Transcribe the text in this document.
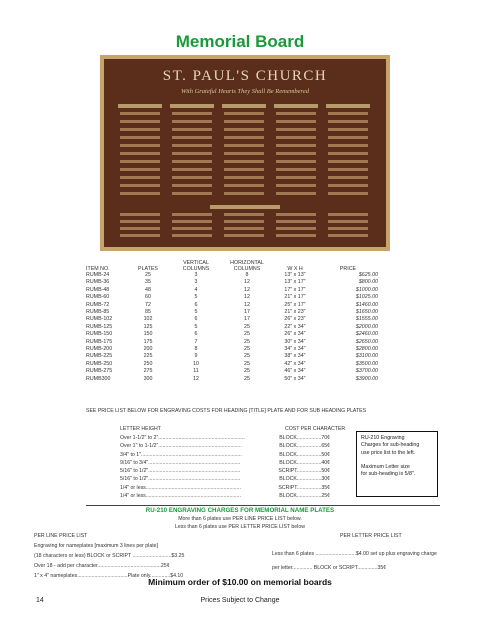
Memorial Board
ST. PAUL'S CHURCH
With Grateful Hearts They Shall Be Remembered
ITEM NO.	PLATES	VERTICAL
COLUMNS	HORIZONTAL
COLUMNS	W X H	PRICE
RUMB-24	25	3	8	13" x 13"	$625.00
RUMB-36	35	3	12	13" x 17"	$800.00
RUMB-48	48	4	12	17" x 17"	$1000.00
RUMB-60	60	5	12	21" x 17"	$1025.00
RUMB-72	72	6	12	25" x 17"	$1460.00
RUMB-85	85	5	17	21" x 23"	$1650.00
RUMB-102	102	6	17	26" x 23"	$1555.00
RUMB-125	125	5	25	22" x 34"	$2000.00
RUMB-150	150	6	25	26" x 34"	$2460.00
RUMB-175	175	7	25	30" x 34"	$2650.00
RUMB-200	200	8	25	34" x 34"	$2800.00
RUMB-225	225	9	25	38" x 34"	$3100.00
RUMB-250	250	10	25	42" x 34"	$3500.00
RUMB-275	275	11	25	46" x 34"	$3700.00
RUMB300	300	12	25	50" x 34"	$3900.00
SEE PRICE LIST BELOW FOR ENGRAVING COSTS FOR HEADING [TITLE] PLATE AND FOR SUB HEADING PLATES
LETTER HEIGHT	COST PER CHARACTER
Over 1-1/2" to 2"............................................................	BLOCK.................70¢
Over 1" to 1-1/2"..........................................................	BLOCK.................65¢
3/4" to 1"......................................................................	BLOCK.................50¢
9/16" to 3/4"................................................................	BLOCK.................40¢
5/16" to 1/2"................................................................	SCRIPT.................50¢
5/16" to 1/2"................................................................	BLOCK.................30¢
1/4" or less..................................................................	SCRIPT.................35¢
1/4" or less..................................................................	BLOCK.................25¢
RU-210 Engraving
Charges for sub-heading
use price list to the left.
Maximum Letter size
for sub-heading is 5/8".
RU-210 ENGRAVING CHARGES FOR MEMORIAL NAME PLATES
More than 6 plates use PER LINE PRICE LIST below.
Less than 6 plates use PER LETTER PRICE LIST below
PER LINE PRICE LIST	PER LETTER PRICE LIST
Engraving for nameplates [maximum 3 lines per plate]
(18 characters or less) BLOCK or SCRIPT ...........................$3.25
Over 18 - add per character............................................25¢
1" x 4" nameplates...................................Plate only..............$4.10
Less than 6 plates ............................$4.00 set up plus engraving charge
per letter.............. BLOCK or SCRIPT..............35¢
Minimum order of $10.00 on memorial boards
14	Prices Subject to Change
